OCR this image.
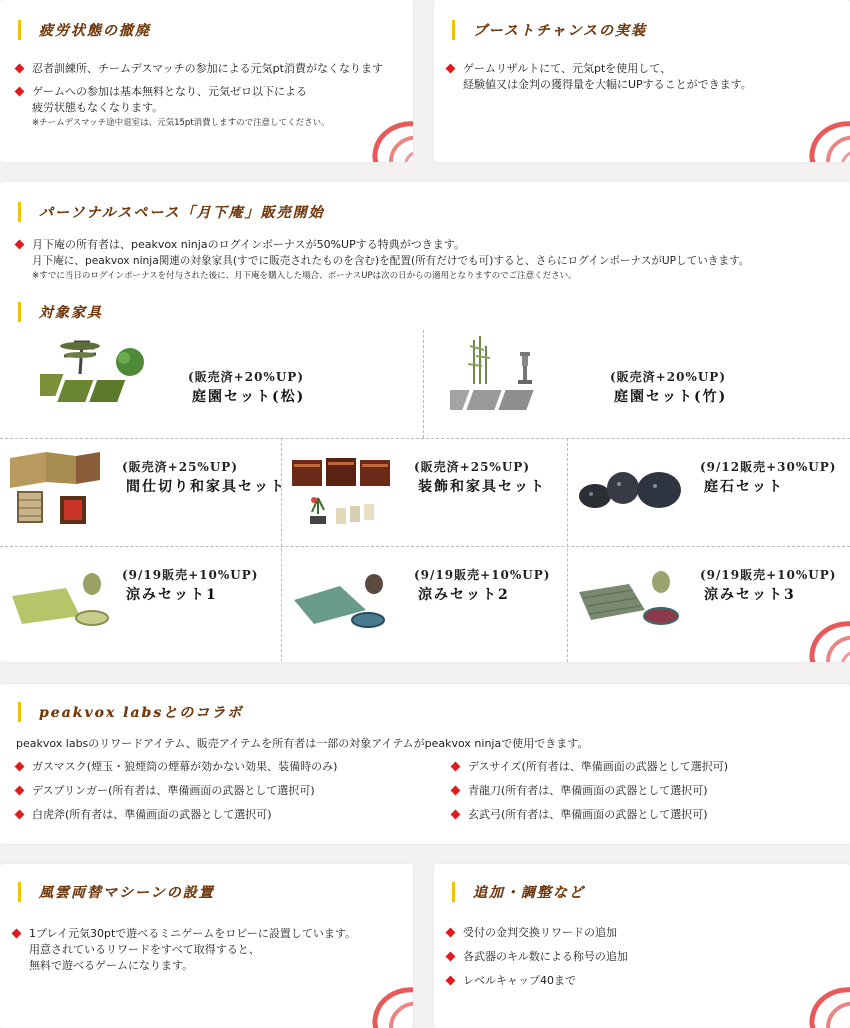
疲労状態の撤廃
忍者訓練所、チームデスマッチの参加による元気pt消費がなくなります
ゲームへの参加は基本無料となり、元気ゼロ以下による
疲労状態もなくなります。
※チームデスマッチ途中退室は、元気15pt消費しますので注意してください。
ブーストチャンスの実装
ゲームリザルトにて、元気ptを使用して、
経験値又は金判の獲得量を大幅にUPすることができます。
パーソナルスペース「月下庵」販売開始
月下庵の所有者は、peakvox ninjaのログインボーナスが50%UPする特典がつきます。
月下庵に、peakvox ninja関連の対象家具(すでに販売されたものを含む)を配置(所有だけでも可)すると、さらにログインボーナスがUPしていきます。
※すでに当日のログインボーナスを付与された後に、月下庵を購入した場合、ボーナスUPは次の日からの適用となりますのでご注意ください。
対象家具
(販売済+20%UP)
庭園セット(松)
(販売済+20%UP)
庭園セット(竹)
(販売済+25%UP)
間仕切り和家具セット
(販売済+25%UP)
装飾和家具セット
(9/12販売+30%UP)
庭石セット
(9/19販売+10%UP)
涼みセット1
(9/19販売+10%UP)
涼みセット2
(9/19販売+10%UP)
涼みセット3
peakvox labsとのコラボ
peakvox labsのリワードアイテム、販売アイテムを所有者は一部の対象アイテムがpeakvox ninjaで使用できます。
ガスマスク(煙玉・狼煙筒の煙幕が効かない効果、装備時のみ)
デスブリンガー(所有者は、準備画面の武器として選択可)
白虎斧(所有者は、準備画面の武器として選択可)
デスサイズ(所有者は、準備画面の武器として選択可)
青龍刀(所有者は、準備画面の武器として選択可)
玄武弓(所有者は、準備画面の武器として選択可)
風雲両替マシーンの設置
1プレイ元気30ptで遊べるミニゲームをロビーに設置しています。
用意されているリワードをすべて取得すると、
無料で遊べるゲームになります。
追加・調整など
受付の金判交換リワードの追加
各武器のキル数による称号の追加
レベルキャップ40まで
